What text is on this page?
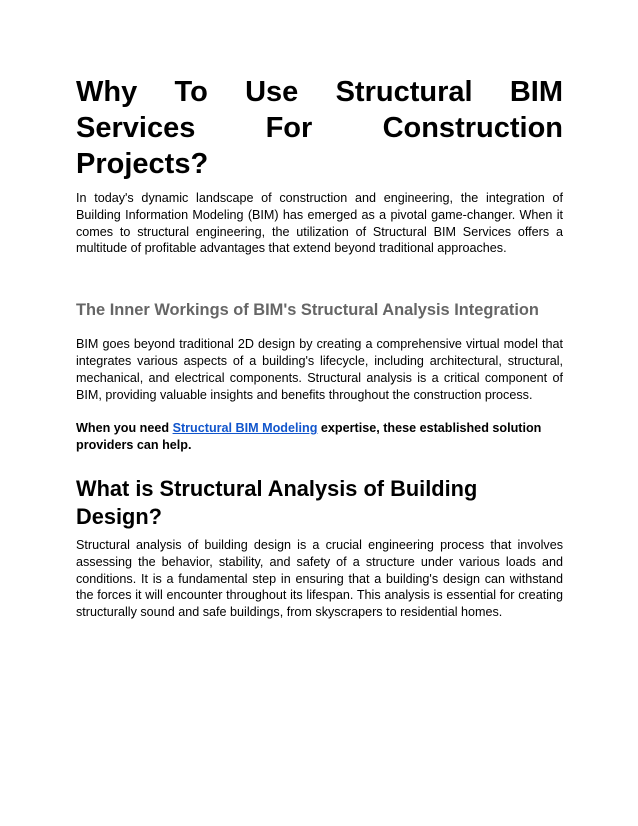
Why To Use Structural BIM Services For Construction Projects?

In today's dynamic landscape of construction and engineering, the integration of Building Information Modeling (BIM) has emerged as a pivotal game-changer. When it comes to structural engineering, the utilization of Structural BIM Services offers a multitude of profitable advantages that extend beyond traditional approaches.

The Inner Workings of BIM's Structural Analysis Integration

BIM goes beyond traditional 2D design by creating a comprehensive virtual model that integrates various aspects of a building's lifecycle, including architectural, structural, mechanical, and electrical components. Structural analysis is a critical component of BIM, providing valuable insights and benefits throughout the construction process.

When you need Structural BIM Modeling expertise, these established solution providers can help.

What is Structural Analysis of Building Design?

Structural analysis of building design is a crucial engineering process that involves assessing the behavior, stability, and safety of a structure under various loads and conditions. It is a fundamental step in ensuring that a building's design can withstand the forces it will encounter throughout its lifespan. This analysis is essential for creating structurally sound and safe buildings, from skyscrapers to residential homes.
